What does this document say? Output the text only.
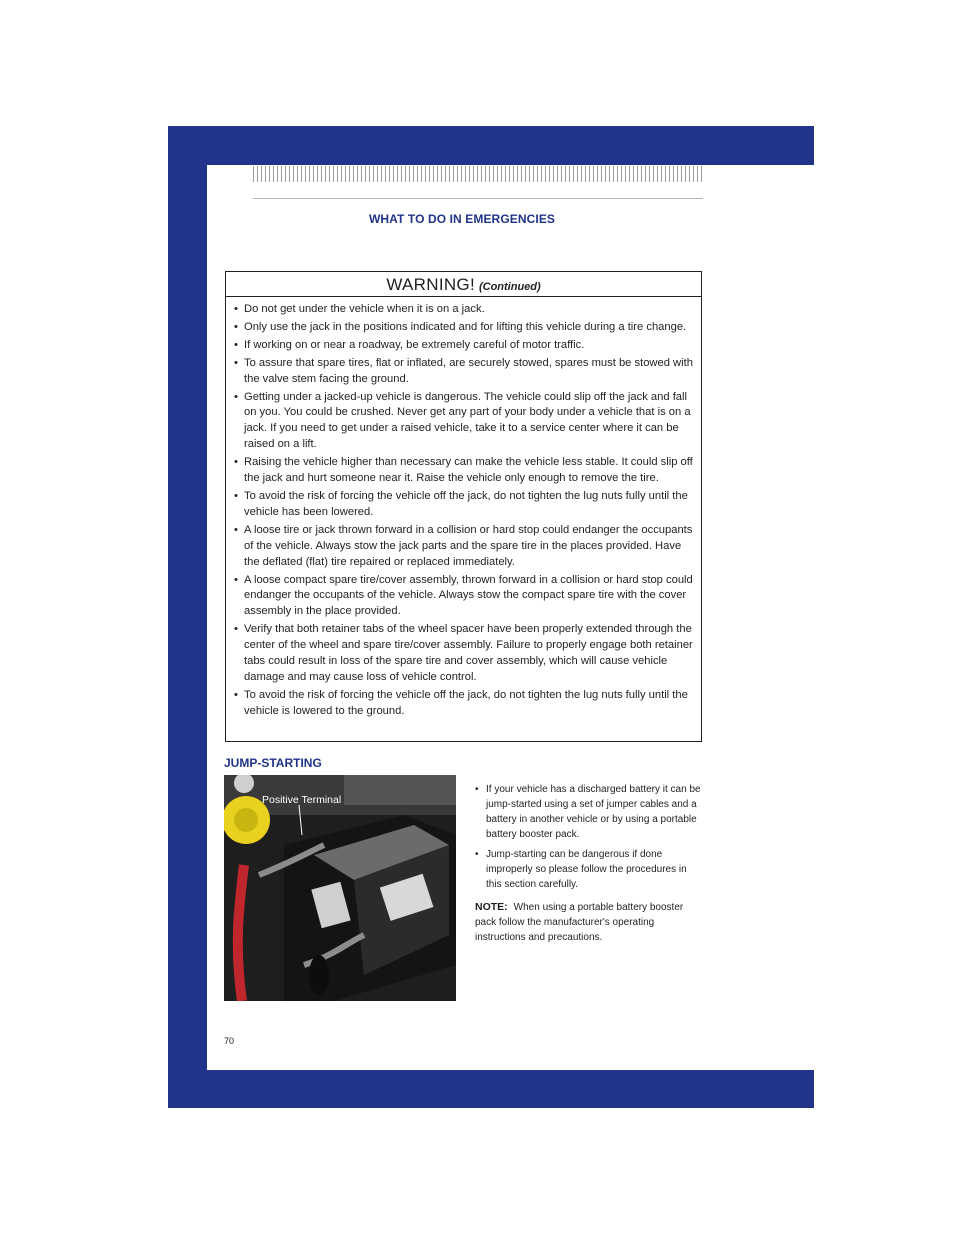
WHAT TO DO IN EMERGENCIES
WARNING! (Continued)
• Do not get under the vehicle when it is on a jack.
• Only use the jack in the positions indicated and for lifting this vehicle during a tire change.
• If working on or near a roadway, be extremely careful of motor traffic.
• To assure that spare tires, flat or inflated, are securely stowed, spares must be stowed with the valve stem facing the ground.
• Getting under a jacked-up vehicle is dangerous. The vehicle could slip off the jack and fall on you. You could be crushed. Never get any part of your body under a vehicle that is on a jack. If you need to get under a raised vehicle, take it to a service center where it can be raised on a lift.
• Raising the vehicle higher than necessary can make the vehicle less stable. It could slip off the jack and hurt someone near it. Raise the vehicle only enough to remove the tire.
• To avoid the risk of forcing the vehicle off the jack, do not tighten the lug nuts fully until the vehicle has been lowered.
• A loose tire or jack thrown forward in a collision or hard stop could endanger the occupants of the vehicle. Always stow the jack parts and the spare tire in the places provided. Have the deflated (flat) tire repaired or replaced immediately.
• A loose compact spare tire/cover assembly, thrown forward in a collision or hard stop could endanger the occupants of the vehicle. Always stow the compact spare tire with the cover assembly in the place provided.
• Verify that both retainer tabs of the wheel spacer have been properly extended through the center of the wheel and spare tire/cover assembly. Failure to properly engage both retainer tabs could result in loss of the spare tire and cover assembly, which will cause vehicle damage and may cause loss of vehicle control.
• To avoid the risk of forcing the vehicle off the jack, do not tighten the lug nuts fully until the vehicle is lowered to the ground.
JUMP-STARTING
Positive Terminal
• If your vehicle has a discharged battery it can be jump-started using a set of jumper cables and a battery in another vehicle or by using a portable battery booster pack.
• Jump-starting can be dangerous if done improperly so please follow the procedures in this section carefully.
NOTE: When using a portable battery booster pack follow the manufacturer's operating instructions and precautions.
70
